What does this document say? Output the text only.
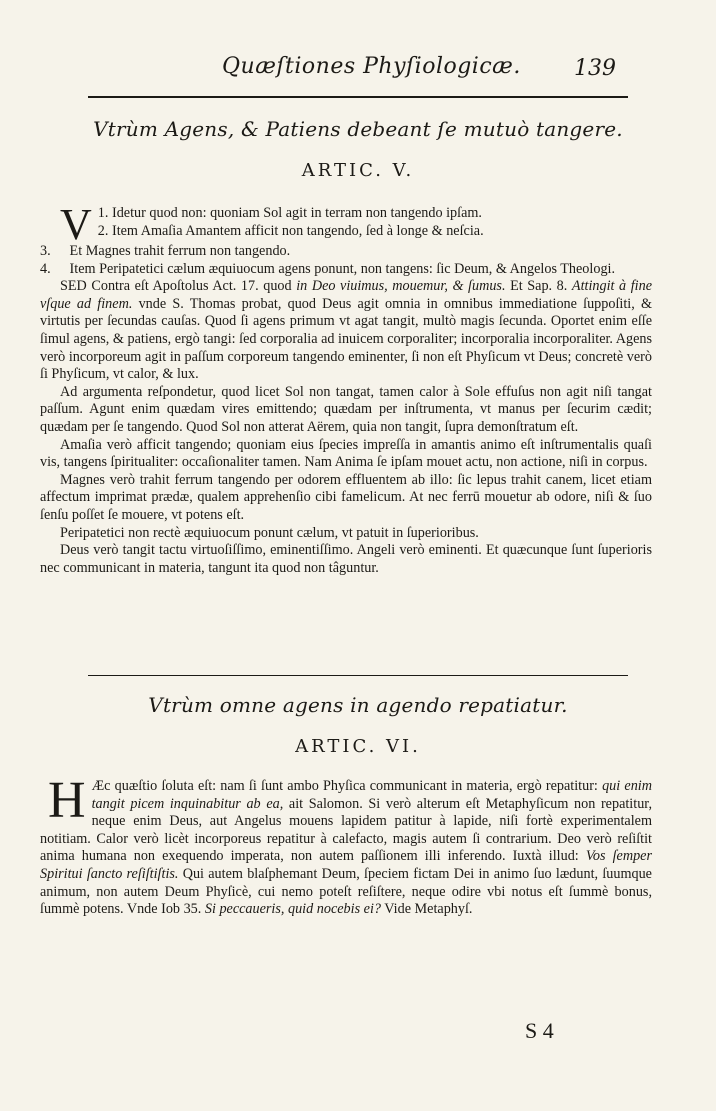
Quæſtiones Phyſiologicæ. 139
Vtrùm Agens, & Patiens debeant ſe mutuò tangere.
ARTIC. V.

1.
V Idetur quod non: quoniam Sol agit in terram non tangendo ipſam.

2. Item Amaſia Amantem afficit non tangendo, ſed à longe & neſcia.

3. Et Magnes trahit ferrum non tangendo.

4. Item Peripatetici cælum æquiuocum agens ponunt, non tangens: ſic Deum, & Angelos Theologi.

SED Contra eſt Apoſtolus Act. 17. quod in Deo viuimus, mouemur, & ſumus. Et Sap. 8. Attingit à fine vſque ad finem. vnde S. Thomas probat, quod Deus agit omnia in omnibus immediatione ſuppoſiti, & virtutis per ſecundas cauſas. Quod ſi agens primum vt agat tangit, multò magis ſecunda. Oportet enim eſſe ſimul agens, & patiens, ergò tangi: ſed corporalia ad inuicem corporaliter; incorporalia incorporaliter. Agens verò incorporeum agit in paſſum corporeum tangendo eminenter, ſi non eſt Phyſicum vt Deus; concretè verò ſi Phyſicum, vt calor, & lux.

Ad argumenta reſpondetur, quod licet Sol non tangat, tamen calor à Sole effuſus non agit niſi tangat paſſum. Agunt enim quædam vires emittendo; quædam per inſtrumenta, vt manus per ſecurim cædit; quædam per ſe tangendo. Quod Sol non atterat Aërem, quia non tangit, ſupra demonſtratum eſt.

Amaſia verò afficit tangendo; quoniam eius ſpecies impreſſa in amantis animo eſt inſtrumentalis quaſi vis, tangens ſpiritualiter: occaſionaliter tamen. Nam Anima ſe ipſam mouet actu, non actione, niſi in corpus.

Magnes verò trahit ferrum tangendo per odorem effluentem ab illo: ſic lepus trahit canem, licet etiam affectum imprimat prædæ, qualem apprehenſio cibi famelicum. At nec ferrū mouetur ab odore, niſi & ſuo ſenſu poſſet ſe mouere, vt potens eſt.

Peripatetici non rectè æquiuocum ponunt cælum, vt patuit in ſuperioribus.

Deus verò tangit tactu virtuoſiſſimo, eminentiſſimo. Angeli verò eminenti. Et quæcunque ſunt ſuperioris nec communicant in materia, tangunt ita quod non tâguntur.

Vtrùm omne agens in agendo repatiatur.
ARTIC. VI.

H Æc quæſtio ſoluta eſt: nam ſi ſunt ambo Phyſica communicant in materia, ergò repatitur: qui enim tangit picem inquinabitur ab ea, ait Salomon. Si verò alterum eſt Metaphyſicum non repatitur, neque enim Deus, aut Angelus mouens lapidem patitur à lapide, niſi fortè experimentalem notitiam. Calor verò licèt incorporeus repatitur à calefacto, magis autem ſi contrarium. Deo verò reſiſtit anima humana non exequendo imperata, non autem paſſionem illi inferendo. Iuxtà illud: Vos ſemper Spiritui ſancto reſiſtiſtis. Qui autem blaſphemant Deum, ſpeciem fictam Dei in animo ſuo lædunt, ſuumque animum, non autem Deum Phyſicè, cui nemo poteſt reſiſtere, neque odire vbi notus eſt ſummè bonus, ſummè potens. Vnde Iob 35. Si peccaueris, quid nocebis ei? Vide Metaphyſ.

S 4
